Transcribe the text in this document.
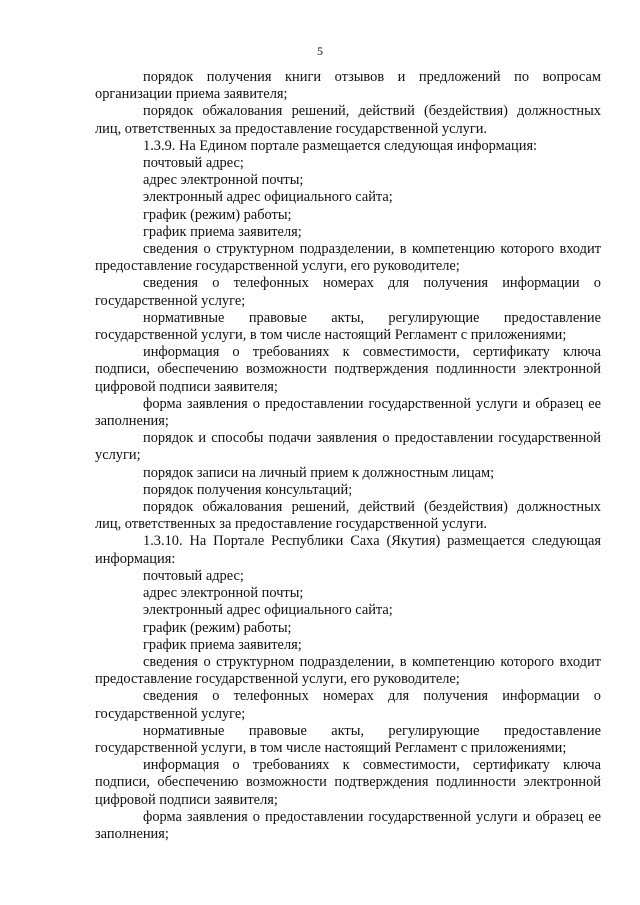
5

порядок получения книги отзывов и предложений по вопросам организации приема заявителя;

порядок обжалования решений, действий (бездействия) должностных лиц, ответственных за предоставление государственной услуги.

1.3.9. На Едином портале размещается следующая информация:

почтовый адрес;

адрес электронной почты;

электронный адрес официального сайта;

график (режим) работы;

график приема заявителя;

сведения о структурном подразделении, в компетенцию которого входит предоставление государственной услуги, его руководителе;

сведения о телефонных номерах для получения информации о государственной услуге;

нормативные правовые акты, регулирующие предоставление государственной услуги, в том числе настоящий Регламент с приложениями;

информация о требованиях к совместимости, сертификату ключа подписи, обеспечению возможности подтверждения подлинности электронной цифровой подписи заявителя;

форма заявления о предоставлении государственной услуги и образец ее заполнения;

порядок и способы подачи заявления о предоставлении государственной услуги;

порядок записи на личный прием к должностным лицам;

порядок получения консультаций;

порядок обжалования решений, действий (бездействия) должностных лиц, ответственных за предоставление государственной услуги.

1.3.10. На Портале Республики Саха (Якутия) размещается следующая информация:

почтовый адрес;

адрес электронной почты;

электронный адрес официального сайта;

график (режим) работы;

график приема заявителя;

сведения о структурном подразделении, в компетенцию которого входит предоставление государственной услуги, его руководителе;

сведения о телефонных номерах для получения информации о государственной услуге;

нормативные правовые акты, регулирующие предоставление государственной услуги, в том числе настоящий Регламент с приложениями;

информация о требованиях к совместимости, сертификату ключа подписи, обеспечению возможности подтверждения подлинности электронной цифровой подписи заявителя;

форма заявления о предоставлении государственной услуги и образец ее заполнения;
